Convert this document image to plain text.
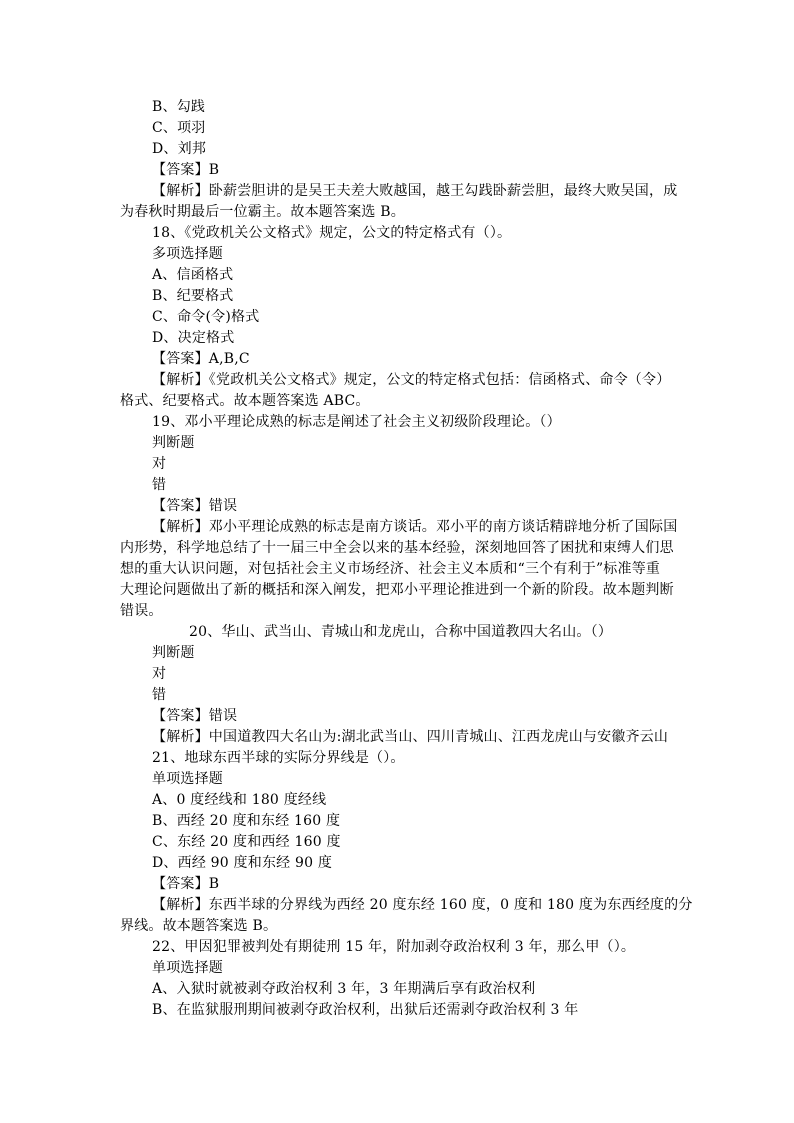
B、勾践
C、项羽
D、刘邦
【答案】B
【解析】卧薪尝胆讲的是吴王夫差大败越国，越王勾践卧薪尝胆，最终大败吴国，成
为春秋时期最后一位霸主。故本题答案选 B。
18、《党政机关公文格式》规定，公文的特定格式有（）。
多项选择题
A、信函格式
B、纪要格式
C、命令(令)格式
D、决定格式
【答案】A,B,C
【解析】《党政机关公文格式》规定，公文的特定格式包括：信函格式、命令（令）
格式、纪要格式。故本题答案选 ABC。
19、邓小平理论成熟的标志是阐述了社会主义初级阶段理论。（）
判断题
对
错
【答案】错误
【解析】邓小平理论成熟的标志是南方谈话。邓小平的南方谈话精辟地分析了国际国
内形势，科学地总结了十一届三中全会以来的基本经验，深刻地回答了困扰和束缚人们思
想的重大认识问题，对包括社会主义市场经济、社会主义本质和“三个有利于”标准等重
大理论问题做出了新的概括和深入阐发，把邓小平理论推进到一个新的阶段。故本题判断
错误。
20、华山、武当山、青城山和龙虎山，合称中国道教四大名山。（）
判断题
对
错
【答案】错误
【解析】中国道教四大名山为:湖北武当山、四川青城山、江西龙虎山与安徽齐云山
21、地球东西半球的实际分界线是（）。
单项选择题
A、0 度经线和 180 度经线
B、西经 20 度和东经 160 度
C、东经 20 度和西经 160 度
D、西经 90 度和东经 90 度
【答案】B
【解析】东西半球的分界线为西经 20 度东经 160 度，0 度和 180 度为东西经度的分
界线。故本题答案选 B。
22、甲因犯罪被判处有期徒刑 15 年，附加剥夺政治权利 3 年，那么甲（）。
单项选择题
A、入狱时就被剥夺政治权利 3 年，3 年期满后享有政治权利
B、在监狱服刑期间被剥夺政治权利，出狱后还需剥夺政治权利 3 年
